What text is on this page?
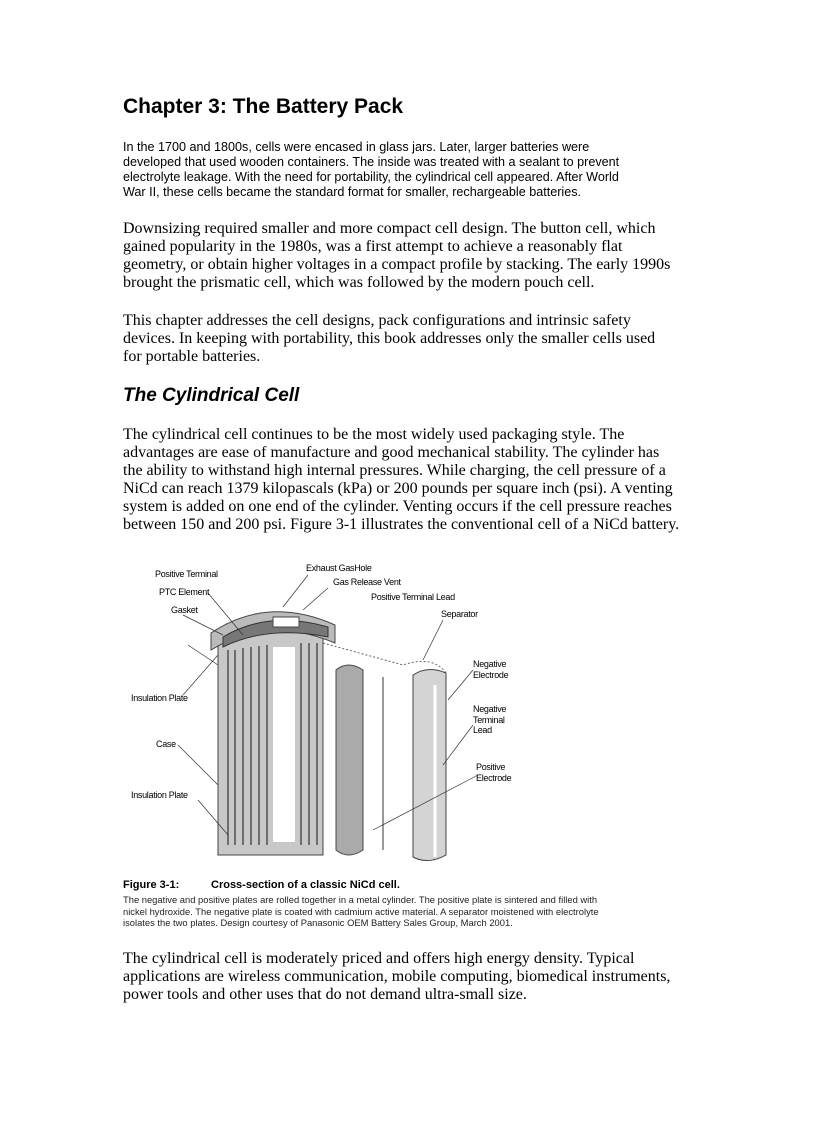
Chapter 3: The Battery Pack
In the 1700 and 1800s, cells were encased in glass jars. Later, larger batteries were
developed that used wooden containers. The inside was treated with a sealant to prevent
electrolyte leakage. With the need for portability, the cylindrical cell appeared. After World
War II, these cells became the standard format for smaller, rechargeable batteries.
Downsizing required smaller and more compact cell design. The button cell, which
gained popularity in the 1980s, was a first attempt to achieve a reasonably flat
geometry, or obtain higher voltages in a compact profile by stacking. The early 1990s
brought the prismatic cell, which was followed by the modern pouch cell.
This chapter addresses the cell designs, pack configurations and intrinsic safety
devices. In keeping with portability, this book addresses only the smaller cells used
for portable batteries.
The Cylindrical Cell
The cylindrical cell continues to be the most widely used packaging style. The
advantages are ease of manufacture and good mechanical stability. The cylinder has
the ability to withstand high internal pressures. While charging, the cell pressure of a
NiCd can reach 1379 kilopascals (kPa) or 200 pounds per square inch (psi). A venting
system is added on one end of the cylinder. Venting occurs if the cell pressure reaches
between 150 and 200 psi. Figure 3-1 illustrates the conventional cell of a NiCd battery.
Positive Terminal
PTC Element
Gasket
Exhaust GasHole
Gas Release Vent
Positive Terminal Lead
Separator
Negative
Electrode
Insulation Plate
Negative
Terminal
Lead
Case
Positive
Electrode
Insulation Plate
Figure 3-1:	Cross-section of a classic NiCd cell.
The negative and positive plates are rolled together in a metal cylinder. The positive plate is sintered and filled with
nickel hydroxide. The negative plate is coated with cadmium active material. A separator moistened with electrolyte
isolates the two plates. Design courtesy of Panasonic OEM Battery Sales Group, March 2001.
The cylindrical cell is moderately priced and offers high energy density. Typical
applications are wireless communication, mobile computing, biomedical instruments,
power tools and other uses that do not demand ultra-small size.
